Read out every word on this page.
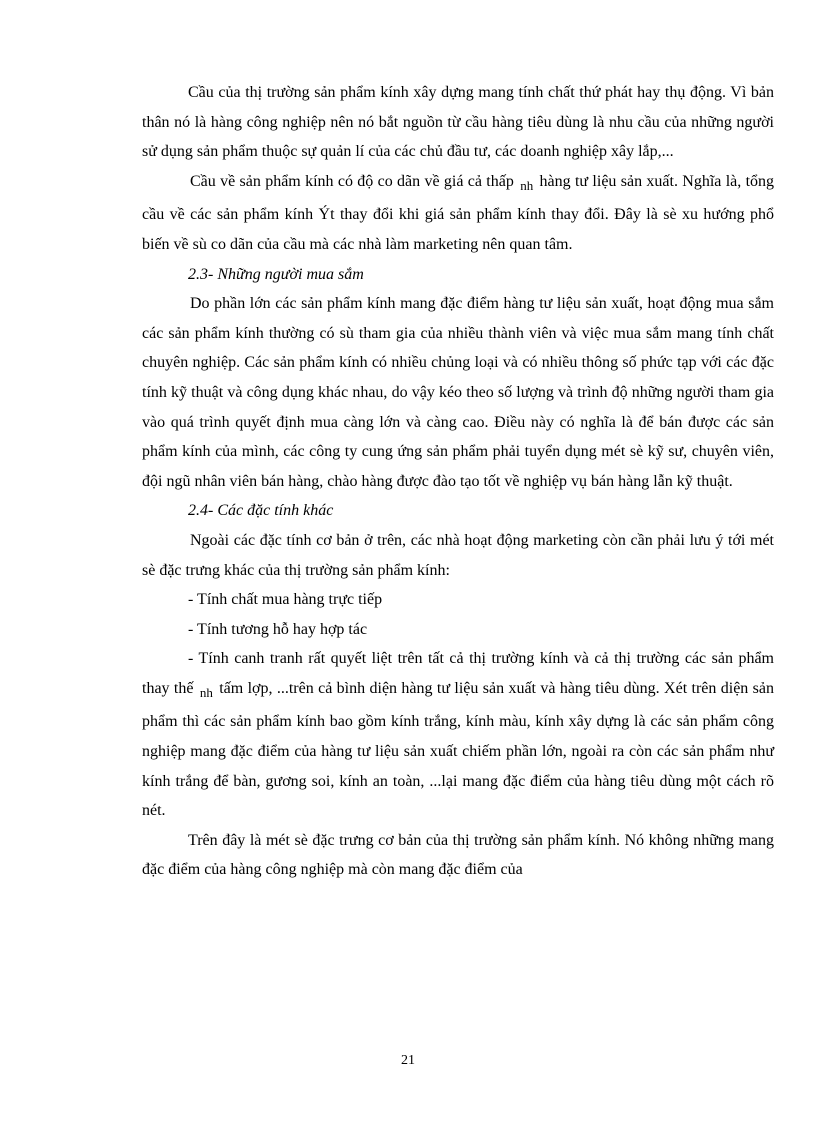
Cầu của thị trường sản phẩm kính xây dựng mang tính chất thứ phát hay thụ động. Vì bản thân nó là hàng công nghiệp nên nó bắt nguồn từ cầu hàng tiêu dùng là nhu cầu của những người sử dụng sản phẩm thuộc sự quản lí của các chủ đầu tư, các doanh nghiệp xây lắp,...

Cầu về sản phẩm kính có độ co dãn về giá cả thấp $_{nh}$ hàng tư liệu sản xuất. Nghĩa là, tổng cầu về các sản phẩm kính Ýt thay đổi khi giá sản phẩm kính thay đổi. Đây là sè xu hướng phổ biến về sù co dãn của cầu mà các nhà làm marketing nên quan tâm.

2.3- Những người mua sắm

Do phần lớn các sản phẩm kính mang đặc điểm hàng tư liệu sản xuất, hoạt động mua sắm các sản phẩm kính thường có sù tham gia của nhiều thành viên và việc mua sắm mang tính chất chuyên nghiệp. Các sản phẩm kính có nhiều chủng loại và có nhiều thông số phức tạp với các đặc tính kỹ thuật và công dụng khác nhau, do vậy kéo theo số lượng và trình độ những người tham gia vào quá trình quyết định mua càng lớn và càng cao. Điều này có nghĩa là để bán được các sản phẩm kính của mình, các công ty cung ứng sản phẩm phải tuyển dụng mét sè kỹ sư, chuyên viên, đội ngũ nhân viên bán hàng, chào hàng được đào tạo tốt về nghiệp vụ bán hàng lẫn kỹ thuật.

2.4- Các đặc tính khác

Ngoài các đặc tính cơ bản ở trên, các nhà hoạt động marketing còn cần phải lưu ý tới mét sè đặc trưng khác của thị trường sản phẩm kính:

- Tính chất mua hàng trực tiếp

- Tính tương hỗ hay hợp tác

- Tính canh tranh rất quyết liệt trên tất cả thị trường kính và cả thị trường các sản phẩm thay thế $_{nh}$ tấm lợp, ...trên cả bình diện hàng tư liệu sản xuất và hàng tiêu dùng. Xét trên diện sản phẩm thì các sản phẩm kính bao gồm kính trắng, kính màu, kính xây dựng là các sản phẩm công nghiệp mang đặc điểm của hàng tư liệu sản xuất chiếm phần lớn, ngoài ra còn các sản phẩm như kính trắng để bàn, gương soi, kính an toàn, ...lại mang đặc điểm của hàng tiêu dùng một cách rõ nét.

Trên đây là mét sè đặc trưng cơ bản của thị trường sản phẩm kính. Nó không những mang đặc điểm của hàng công nghiệp mà còn mang đặc điểm của

21
